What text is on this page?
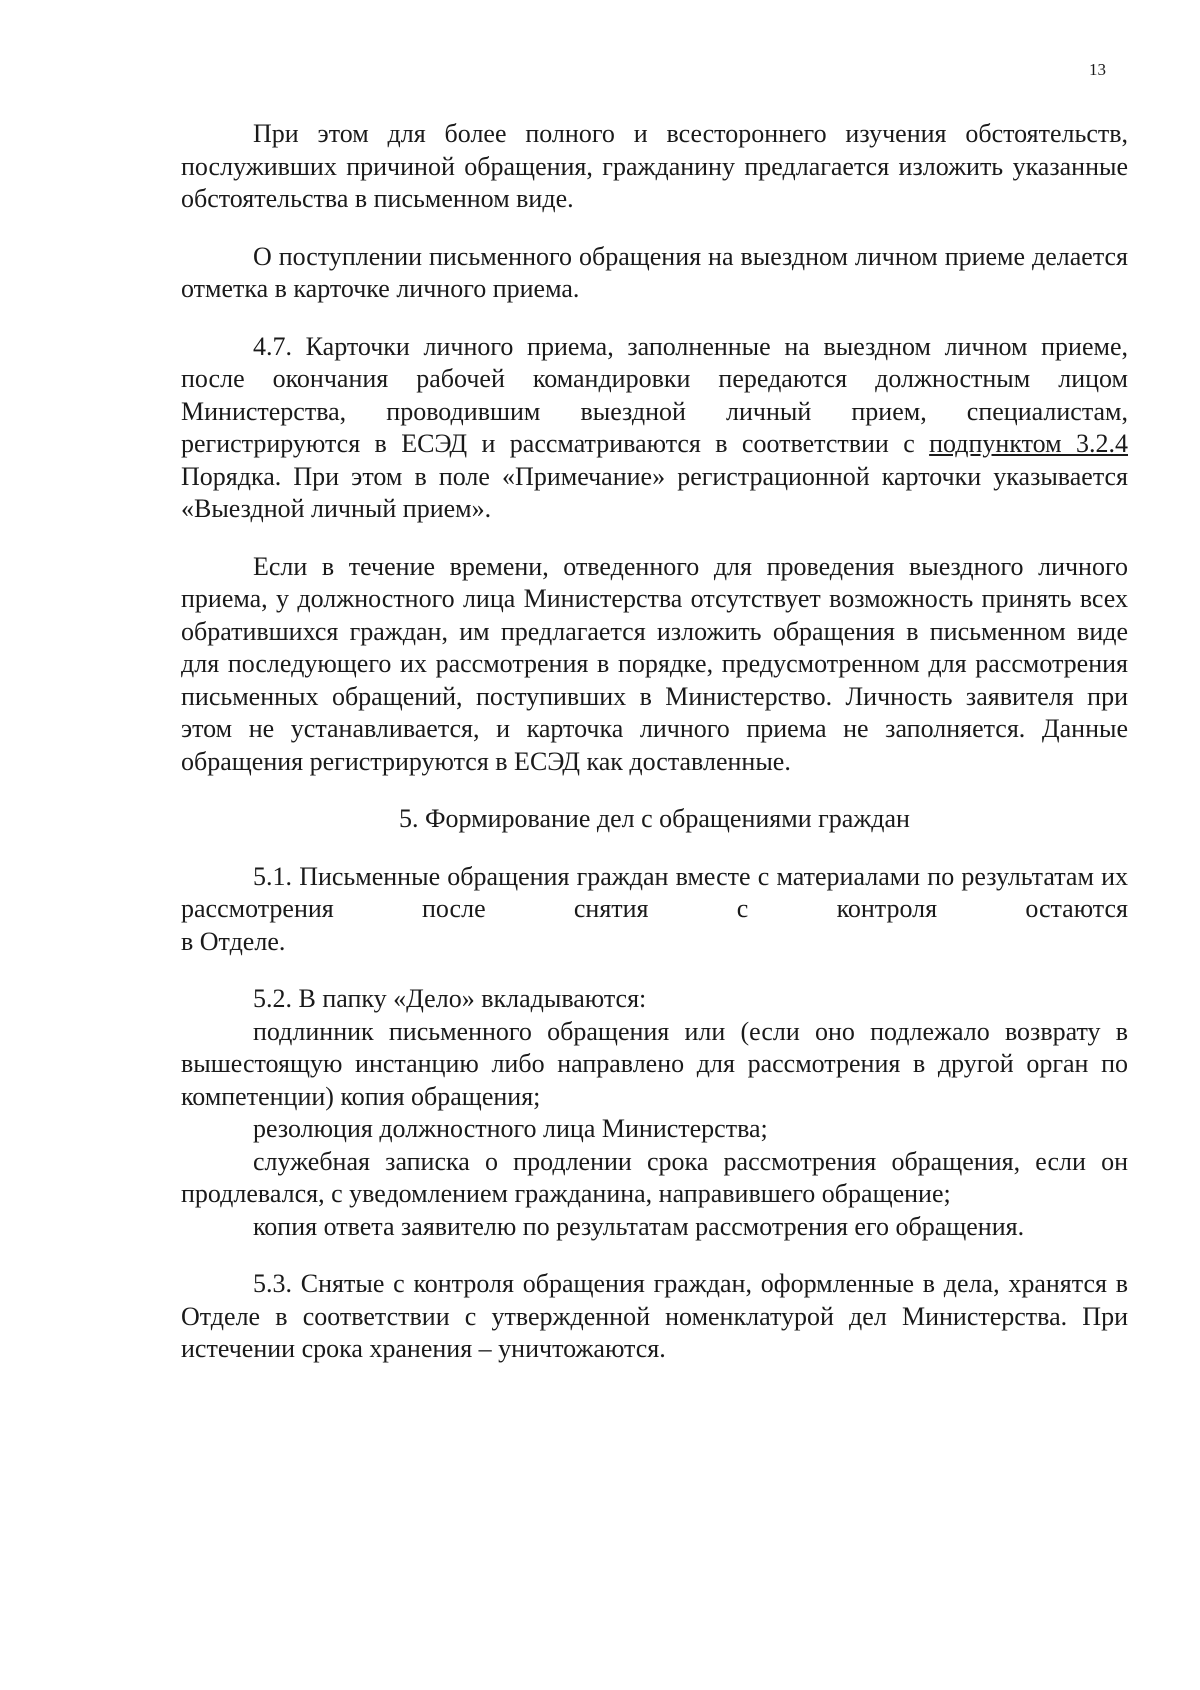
13

При этом для более полного и всестороннего изучения обстоятельств, послуживших причиной обращения, гражданину предлагается изложить указанные обстоятельства в письменном виде.

О поступлении письменного обращения на выездном личном приеме делается отметка в карточке личного приема.

4.7. Карточки личного приема, заполненные на выездном личном приеме, после окончания рабочей командировки передаются должностным лицом Министерства, проводившим выездной личный прием, специалистам, регистрируются в ЕСЭД и рассматриваются в соответствии с подпунктом 3.2.4 Порядка. При этом в поле «Примечание» регистрационной карточки указывается «Выездной личный прием».

Если в течение времени, отведенного для проведения выездного личного приема, у должностного лица Министерства отсутствует возможность принять всех обратившихся граждан, им предлагается изложить обращения в письменном виде для последующего их рассмотрения в порядке, предусмотренном для рассмотрения письменных обращений, поступивших в Министерство. Личность заявителя при этом не устанавливается, и карточка личного приема не заполняется. Данные обращения регистрируются в ЕСЭД как доставленные.

5. Формирование дел с обращениями граждан

5.1. Письменные обращения граждан вместе с материалами по результатам их рассмотрения после снятия с контроля остаются

в Отделе.

5.2. В папку «Дело» вкладываются:

подлинник письменного обращения или (если оно подлежало возврату в вышестоящую инстанцию либо направлено для рассмотрения в другой орган по компетенции) копия обращения;

резолюция должностного лица Министерства;

служебная записка о продлении срока рассмотрения обращения, если он продлевался, с уведомлением гражданина, направившего обращение;

копия ответа заявителю по результатам рассмотрения его обращения.

5.3. Снятые с контроля обращения граждан, оформленные в дела, хранятся в Отделе в соответствии с утвержденной номенклатурой дел Министерства. При истечении срока хранения – уничтожаются.
